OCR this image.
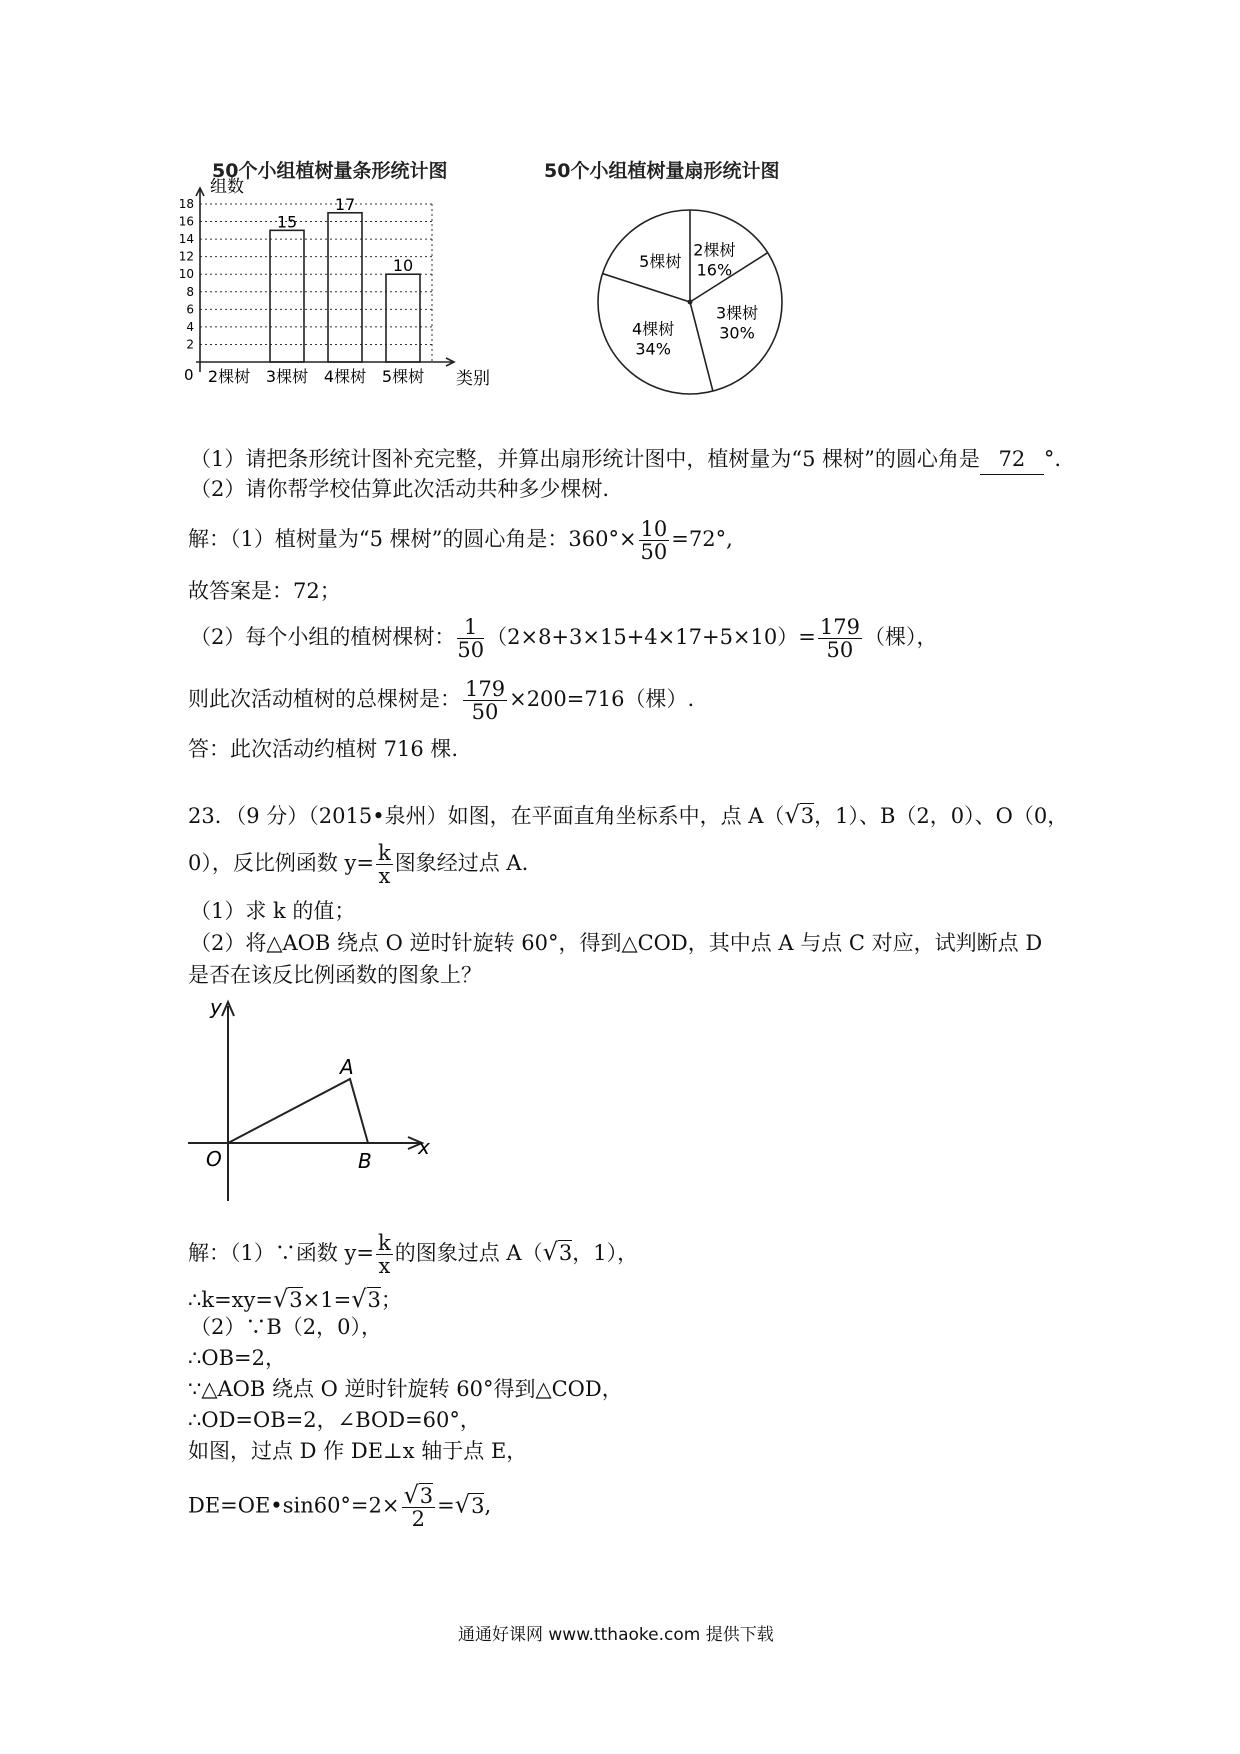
50个小组植树量条形统计图	50个小组植树量扇形统计图
2
4
6
8
10
12
14
16
18
组数
类别
0 2棵树
15
3棵树
17
4棵树
10
5棵树
2棵树
16%
3棵树
30%
4棵树
34%
5棵树
（1）请把条形统计图补充完整，并算出扇形统计图中，植树量为“5 棵树”的圆心角是 72 °.
（2）请你帮学校估算此次活动共种多少棵树.
解：（1）植树量为“5 棵树”的圆心角是：$360^\circ\times \frac{10}{50} =72^\circ$,
故答案是：72；
（2）每个小组的植树棵树： $\frac{1}{50} (2\times 8+3\times 15+4\times 17+5\times 10)= \frac{179}{50}$ （棵），
则此次活动植树的总棵树是： $\frac{179}{50} \times 200=716$（棵）.
答：此次活动约植树 716 棵.
23．（9 分）（2015•泉州）如图，在平面直角坐标系中，点 A（√3，1）、B（2，0）、O（0，
0），反比例函数 $y= \frac{k}{x}$ 图象经过点 A.
（1）求 k 的值；
（2）将△AOB 绕点 O 逆时针旋转 60°，得到△COD，其中点 A 与点 C 对应，试判断点 D
是否在该反比例函数的图象上？
y
x
A
O	B
解：（1）∵函数 $y= \frac{k}{x}$ 的图象过点 A（√3，1），
∴k=xy=√3×1=√3；
（2）∵B（2，0），
∴OB=2，
∵△AOB 绕点 O 逆时针旋转 60°得到△COD，
∴OD=OB=2，∠BOD=60°，
如图，过点 D 作 DE⊥x 轴于点 E，
DE=OE•sin60°=2× $\frac{√3}{2} =√3$,
通通好课网 www.tthaoke.com 提供下载
